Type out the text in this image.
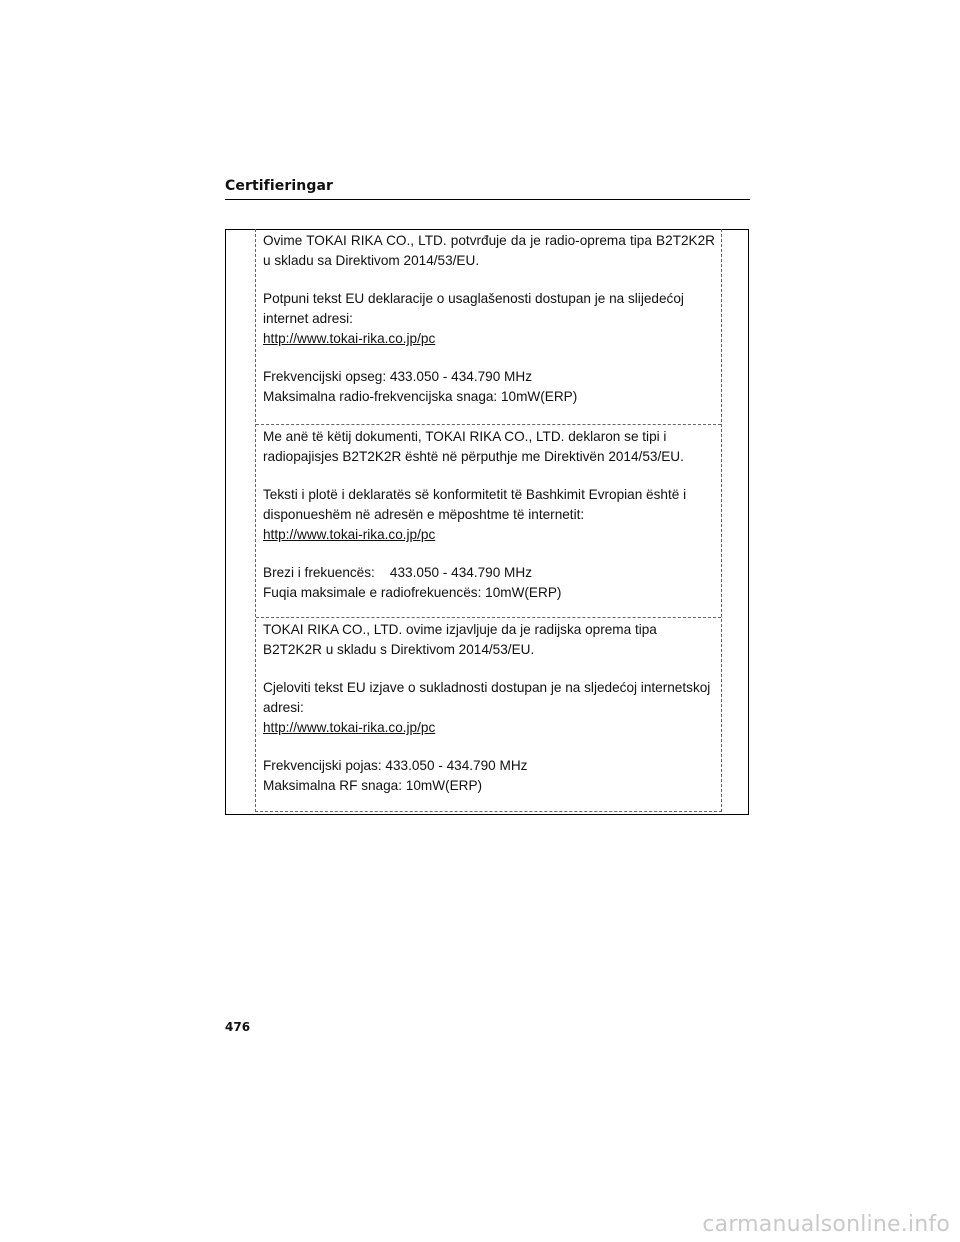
Certifieringar

Ovime TOKAI RIKA CO., LTD. potvrđuje da je radio-oprema tipa B2T2K2R u skladu sa Direktivom 2014/53/EU.

Potpuni tekst EU deklaracije o usaglašenosti dostupan je na slijedećoj internet adresi:
http://www.tokai-rika.co.jp/pc

Frekvencijski opseg: 433.050 - 434.790 MHz
Maksimalna radio-frekvencijska snaga: 10mW(ERP)

Me anë të këtij dokumenti, TOKAI RIKA CO., LTD. deklaron se tipi i radiopajisjes B2T2K2R është në përputhje me Direktivën 2014/53/EU.

Teksti i plotë i deklaratës së konformitetit të Bashkimit Evropian është i disponueshëm në adresën e mëposhtme të internetit:
http://www.tokai-rika.co.jp/pc

Brezi i frekuencës:    433.050 - 434.790 MHz
Fuqia maksimale e radiofrekuencës: 10mW(ERP)

TOKAI RIKA CO., LTD. ovime izjavljuje da je radijska oprema tipa B2T2K2R u skladu s Direktivom 2014/53/EU.

Cjeloviti tekst EU izjave o sukladnosti dostupan je na sljedećoj internetskoj adresi:
http://www.tokai-rika.co.jp/pc

Frekvencijski pojas: 433.050 - 434.790 MHz
Maksimalna RF snaga: 10mW(ERP)

476
carmanualsonline.info
